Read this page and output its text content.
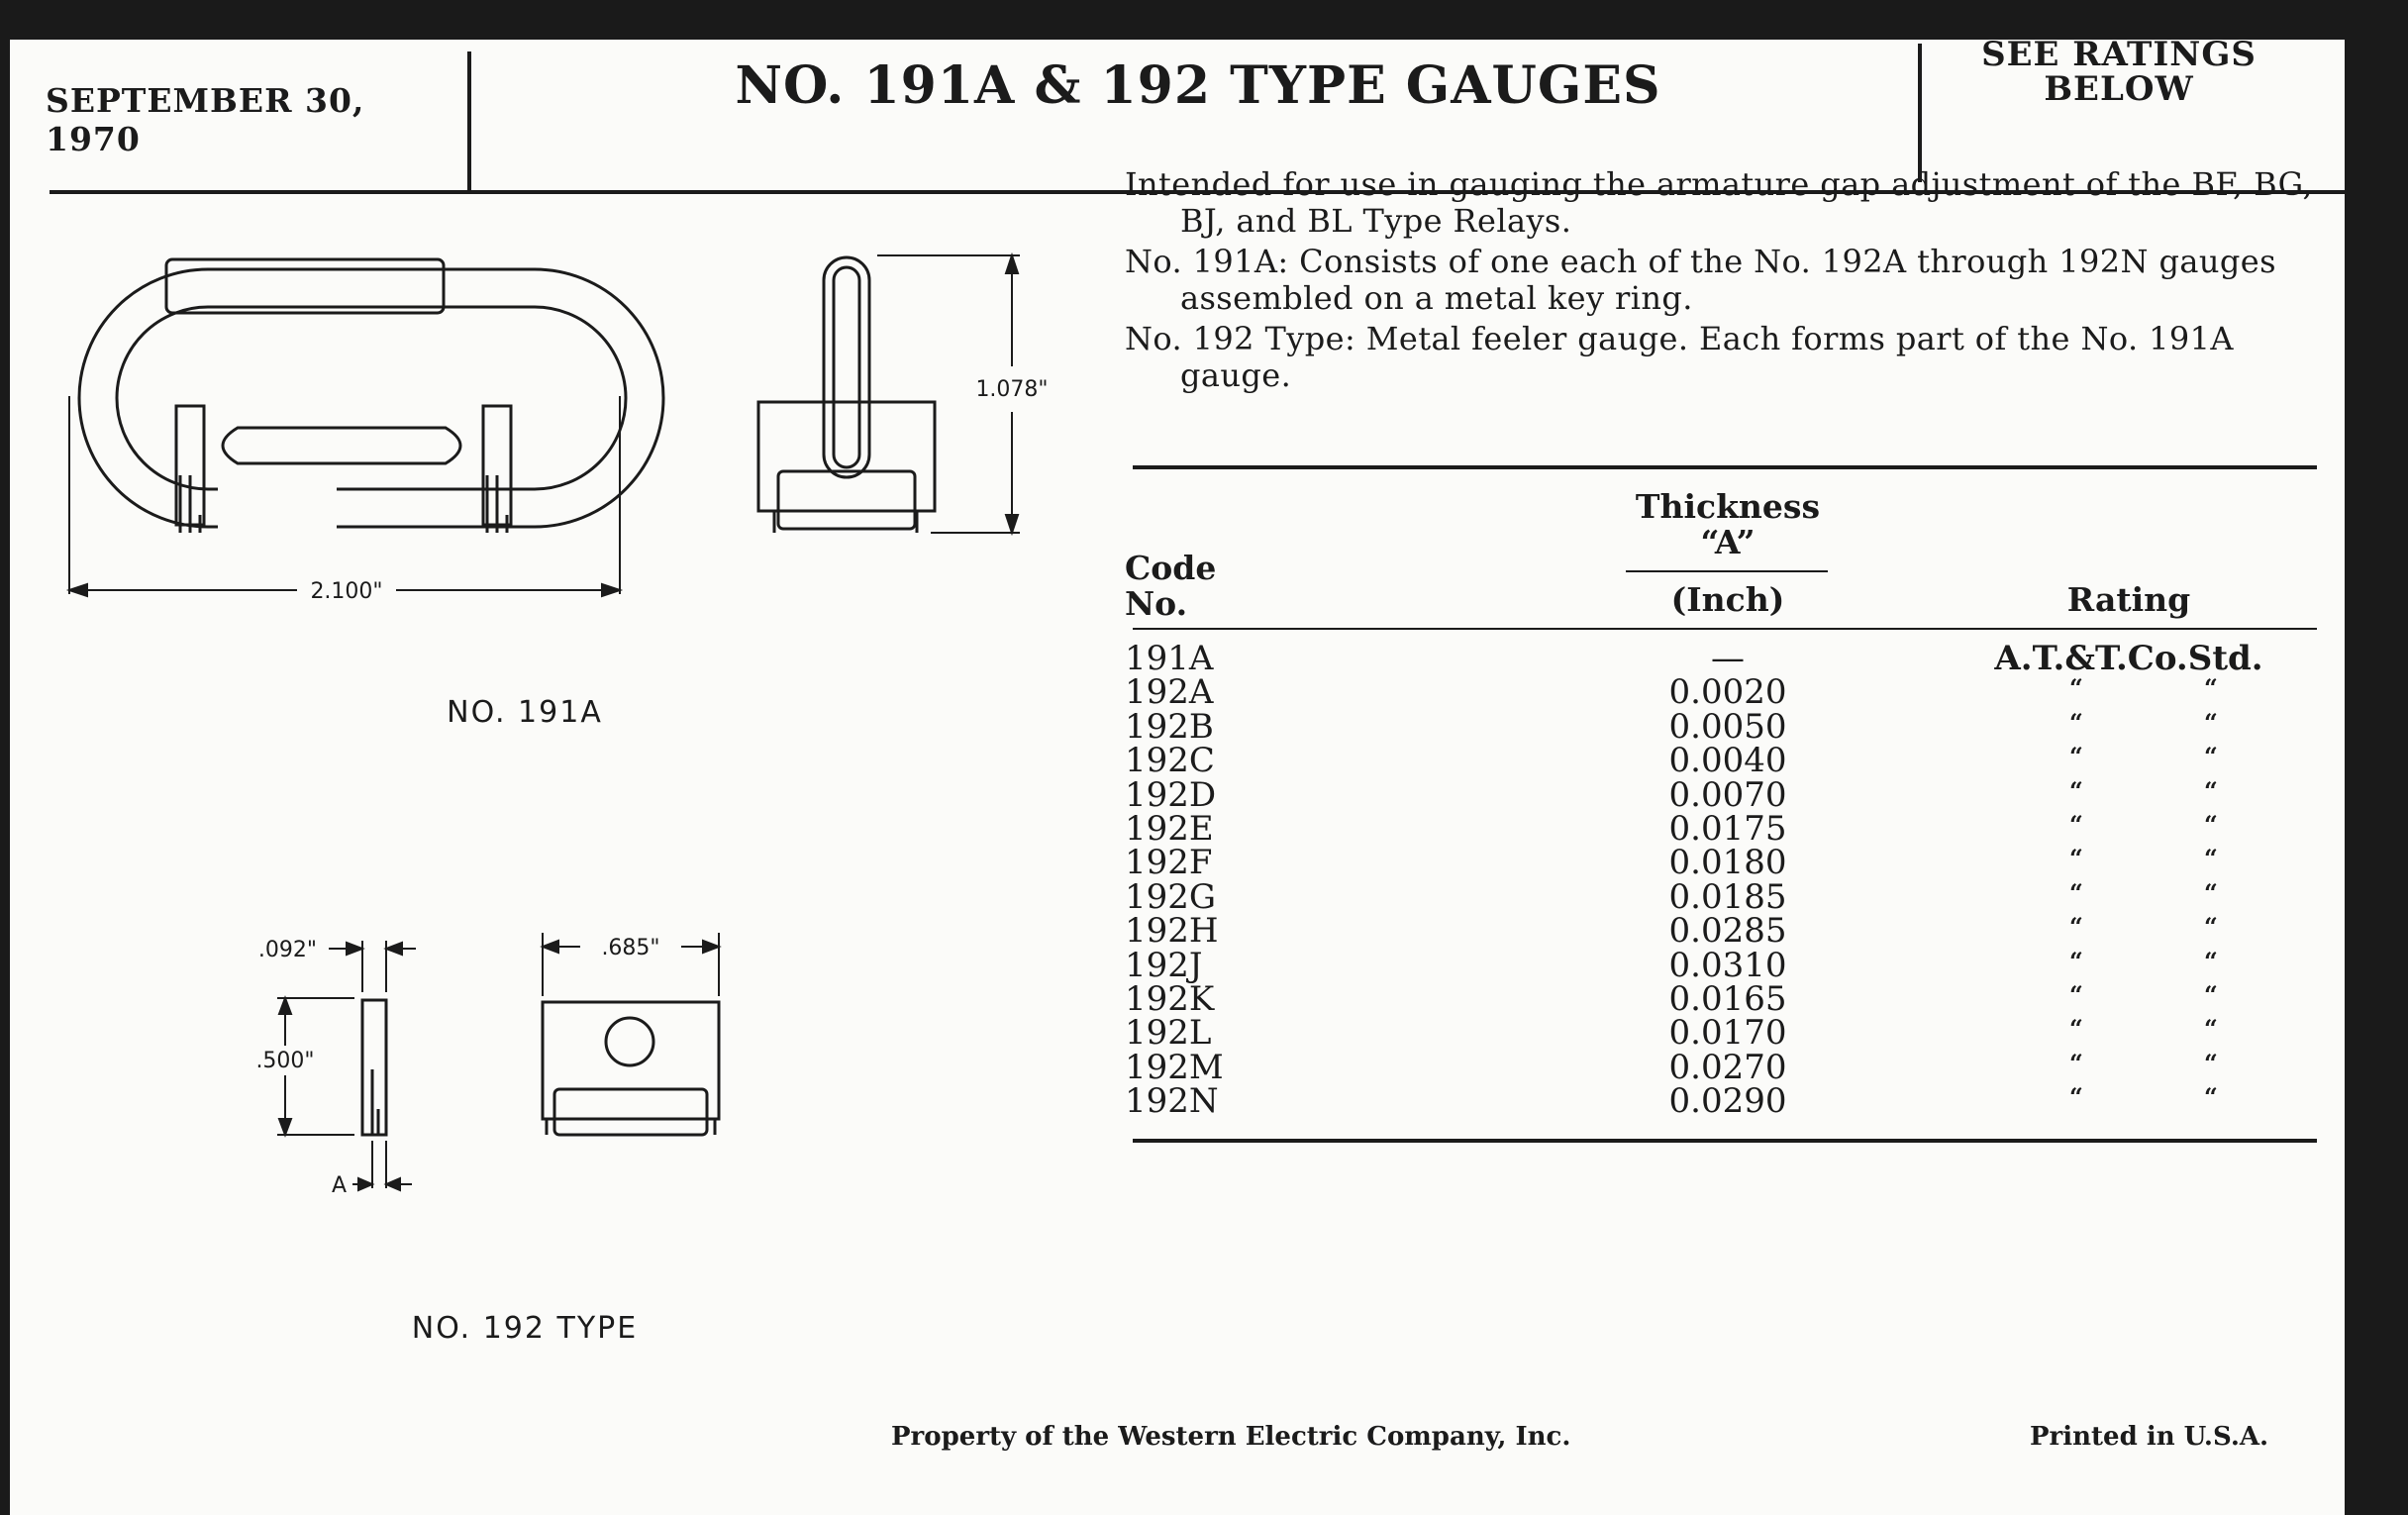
SEPTEMBER 30, 1970
NO. 191A & 192 TYPE GAUGES
SEE RATINGS
BELOW

Intended for use in gauging the armature gap adjustment of the BF, BG, BJ, and BL Type Relays.

No. 191A: Consists of one each of the No. 192A through 192N gauges assembled on a metal key ring.

No. 192 Type: Metal feeler gauge. Each forms part of the No. 191A gauge.

Code
No.
Thickness
“A”
(Inch)	Rating
191A	—	A.T.&T.Co.Std.
192A	0.0020	“	“
192B	0.0050	“	“
192C	0.0040	“	“
192D	0.0070	“	“
192E	0.0175	“	“
192F	0.0180	“	“
192G	0.0185	“	“
192H	0.0285	“	“
192J	0.0310	“	“
192K	0.0165	“	“
192L	0.0170	“	“
192M	0.0270	“	“
192N	0.0290	“	“
2.100"
1.078"
NO. 191A
.092"
.500"
A
.685"
NO. 192 TYPE
Property of the Western Electric Company, Inc.	Printed in U.S.A.
